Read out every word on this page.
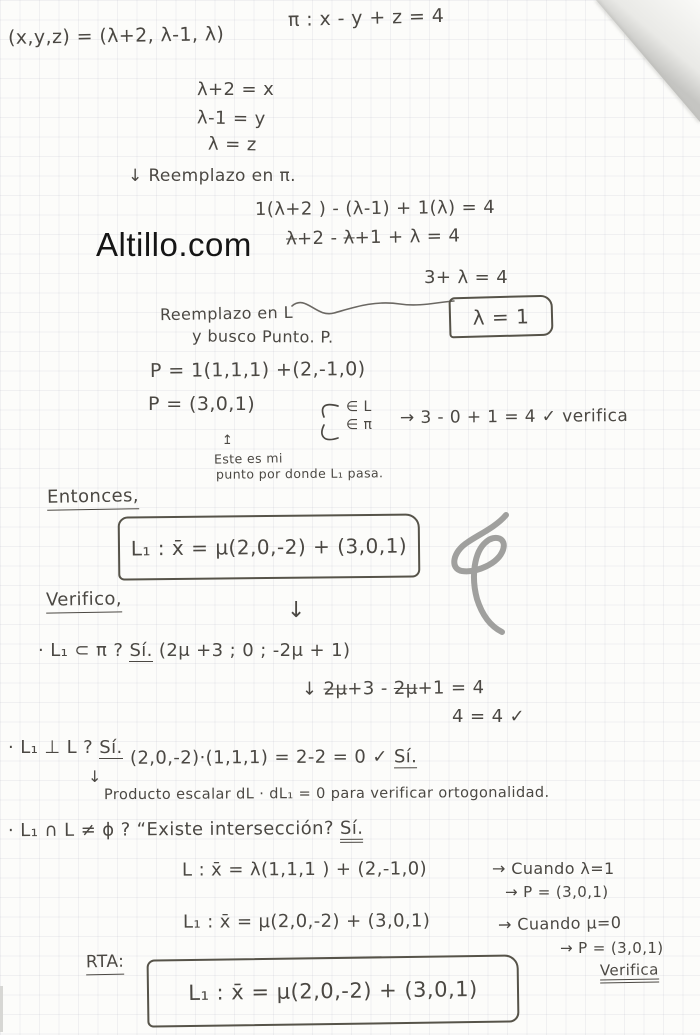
Altillo.com
(x,y,z) = (λ+2, λ-1, λ)
π : x - y + z = 4
λ+2 = x
λ-1 = y
λ = z
↓ Reemplazo en π.
1(λ+2 ) - (λ-1) + 1(λ) = 4
λ+2 - λ+1 + λ = 4
3+ λ = 4
Reemplazo en L	λ = 1
y busco Punto. P.
P = 1(1,1,1) +(2,-1,0)
P = (3,0,1)	∈ L
∈ π → 3 - 0 + 1 = 4 ✓ verifica
↥
Este es mi
punto por donde L₁ pasa.
Entonces,
L₁ : x̄ = μ(2,0,-2) + (3,0,1)
Verifico,	↓
· L₁ ⊂ π ? Sí. (2μ +3 ; 0 ; -2μ + 1)
↓ 2μ+3 - 2μ+1 = 4
4 = 4 ✓
· L₁ ⊥ L ? Sí. (2,0,-2)·(1,1,1) = 2-2 = 0 ✓ Sí.
↓
Producto escalar dL · dL₁ = 0 para verificar ortogonalidad.
· L₁ ∩ L ≠ ϕ ? “Existe intersección? Sí.
L : x̄ = λ(1,1,1 ) + (2,-1,0)	→ Cuando λ=1
→ P = (3,0,1)
L₁ : x̄ = μ(2,0,-2) + (3,0,1)	→ Cuando μ=0
→ P = (3,0,1)
Verifica
RTA:
L₁ : x̄ = μ(2,0,-2) + (3,0,1)
